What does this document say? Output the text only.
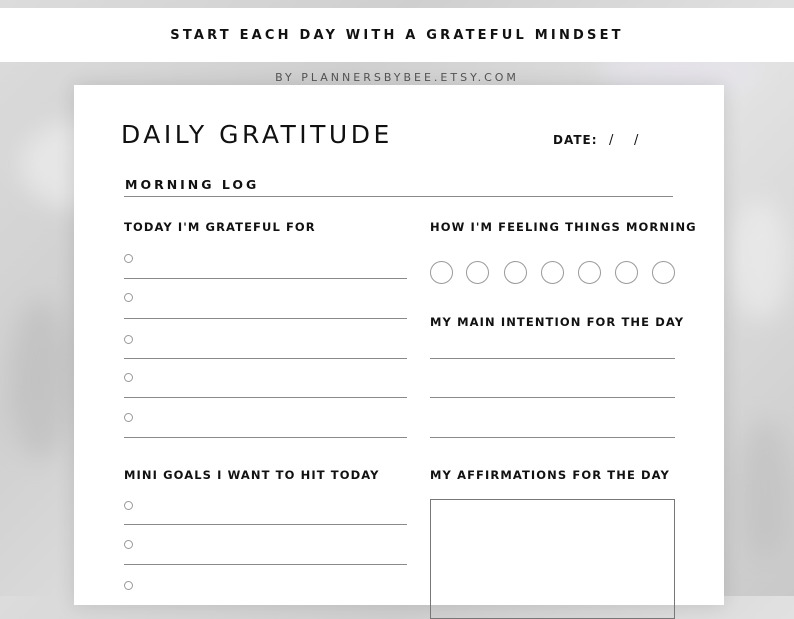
START EACH DAY WITH A GRATEFUL MINDSET
BY PLANNERSBYBEE.ETSY.COM
DAILY GRATITUDE	DATE: / /
MORNING LOG
TODAY I'M GRATEFUL FOR	HOW I'M FEELING THINGS MORNING
MY MAIN INTENTION FOR THE DAY
MINI GOALS I WANT TO HIT TODAY	MY AFFIRMATIONS FOR THE DAY
